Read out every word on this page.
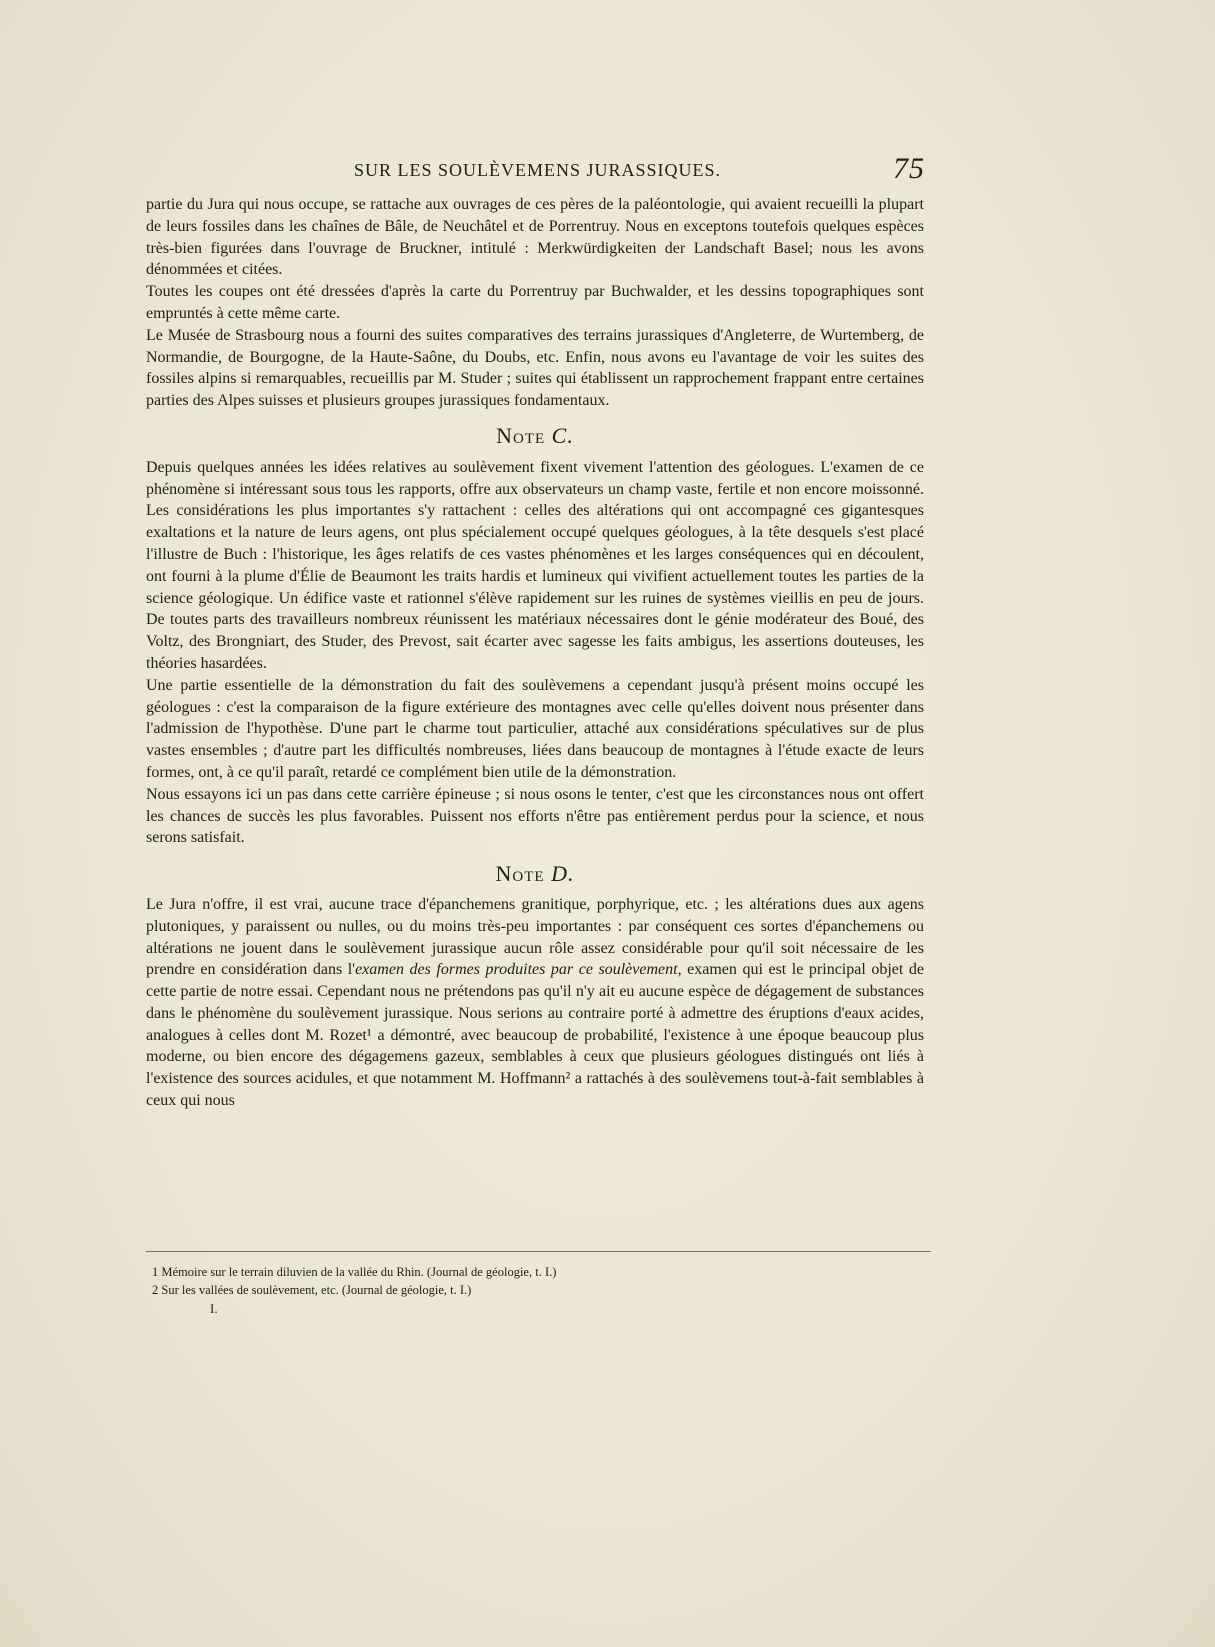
SUR LES SOULÈVEMENS JURASSIQUES.	75

partie du Jura qui nous occupe, se rattache aux ouvrages de ces pères de la paléontologie, qui avaient recueilli la plupart de leurs fossiles dans les chaînes de Bâle, de Neuchâtel et de Porrentruy. Nous en exceptons toutefois quelques espèces très-bien figurées dans l'ouvrage de Bruckner, intitulé : Merkwürdigkeiten der Landschaft Basel; nous les avons dénommées et citées.

Toutes les coupes ont été dressées d'après la carte du Porrentruy par Buchwalder, et les dessins topographiques sont empruntés à cette même carte.

Le Musée de Strasbourg nous a fourni des suites comparatives des terrains jurassiques d'Angleterre, de Wurtemberg, de Normandie, de Bourgogne, de la Haute-Saône, du Doubs, etc. Enfin, nous avons eu l'avantage de voir les suites des fossiles alpins si remarquables, recueillis par M. Studer ; suites qui établissent un rapprochement frappant entre certaines parties des Alpes suisses et plusieurs groupes jurassiques fondamentaux.

Note C.

Depuis quelques années les idées relatives au soulèvement fixent vivement l'attention des géologues. L'examen de ce phénomène si intéressant sous tous les rapports, offre aux observateurs un champ vaste, fertile et non encore moissonné. Les considérations les plus importantes s'y rattachent : celles des altérations qui ont accompagné ces gigantesques exaltations et la nature de leurs agens, ont plus spécialement occupé quelques géologues, à la tête desquels s'est placé l'illustre de Buch : l'historique, les âges relatifs de ces vastes phénomènes et les larges conséquences qui en découlent, ont fourni à la plume d'Élie de Beaumont les traits hardis et lumineux qui vivifient actuellement toutes les parties de la science géologique. Un édifice vaste et rationnel s'élève rapidement sur les ruines de systèmes vieillis en peu de jours. De toutes parts des travailleurs nombreux réunissent les matériaux nécessaires dont le génie modérateur des Boué, des Voltz, des Brongniart, des Studer, des Prevost, sait écarter avec sagesse les faits ambigus, les assertions douteuses, les théories hasardées.

Une partie essentielle de la démonstration du fait des soulèvemens a cependant jusqu'à présent moins occupé les géologues : c'est la comparaison de la figure extérieure des montagnes avec celle qu'elles doivent nous présenter dans l'admission de l'hypothèse. D'une part le charme tout particulier, attaché aux considérations spéculatives sur de plus vastes ensembles ; d'autre part les difficultés nombreuses, liées dans beaucoup de montagnes à l'étude exacte de leurs formes, ont, à ce qu'il paraît, retardé ce complément bien utile de la démonstration.

Nous essayons ici un pas dans cette carrière épineuse ; si nous osons le tenter, c'est que les circonstances nous ont offert les chances de succès les plus favorables. Puissent nos efforts n'être pas entièrement perdus pour la science, et nous serons satisfait.

Note D.

Le Jura n'offre, il est vrai, aucune trace d'épanchemens granitique, porphyrique, etc. ; les altérations dues aux agens plutoniques, y paraissent ou nulles, ou du moins très-peu importantes : par conséquent ces sortes d'épanchemens ou altérations ne jouent dans le soulèvement jurassique aucun rôle assez considérable pour qu'il soit nécessaire de les prendre en considération dans l'examen des formes produites par ce soulèvement, examen qui est le principal objet de cette partie de notre essai. Cependant nous ne prétendons pas qu'il n'y ait eu aucune espèce de dégagement de substances dans le phénomène du soulèvement jurassique. Nous serions au contraire porté à admettre des éruptions d'eaux acides, analogues à celles dont M. Rozet¹ a démontré, avec beaucoup de probabilité, l'existence à une époque beaucoup plus moderne, ou bien encore des dégagemens gazeux, semblables à ceux que plusieurs géologues distingués ont liés à l'existence des sources acidules, et que notamment M. Hoffmann² a rattachés à des soulèvemens tout-à-fait semblables à ceux qui nous

1 Mémoire sur le terrain diluvien de la vallée du Rhin. (Journal de géologie, t. I.)

2 Sur les vallées de soulèvement, etc. (Journal de géologie, t. I.)

I.
